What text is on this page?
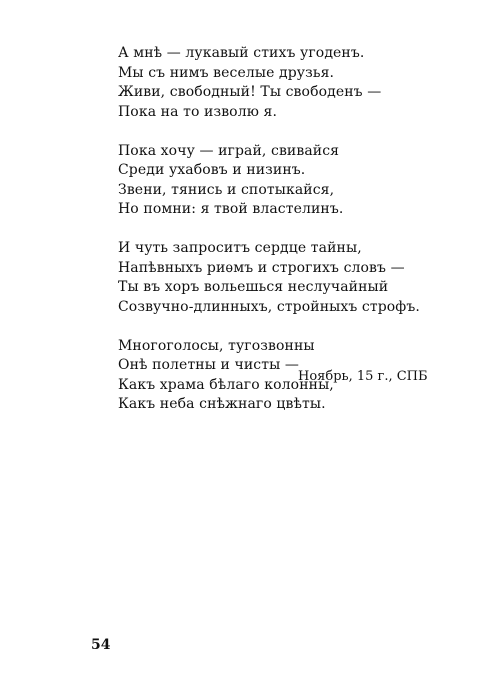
А мнѣ — лукавый стихъ угоденъ.
Мы съ нимъ веселые друзья.
Живи, свободный! Ты свободенъ —
Пока на то изволю я.
Пока хочу — играй, свивайся
Среди ухабовъ и низинъ.
Звени, тянись и спотыкайся,
Но помни: я твой властелинъ.
И чуть запроситъ сердце тайны,
Напѣвныхъ риѳмъ и строгихъ словъ —
Ты въ хоръ вольешься неслучайный
Созвучно-длинныхъ, стройныхъ строфъ.
Многоголосы, тугозвонны
Онѣ полетны и чисты —
Какъ храма бѣлаго колонны,
Какъ неба снѣжнаго цвѣты.
Ноябрь, 15 г., СПБ
54
